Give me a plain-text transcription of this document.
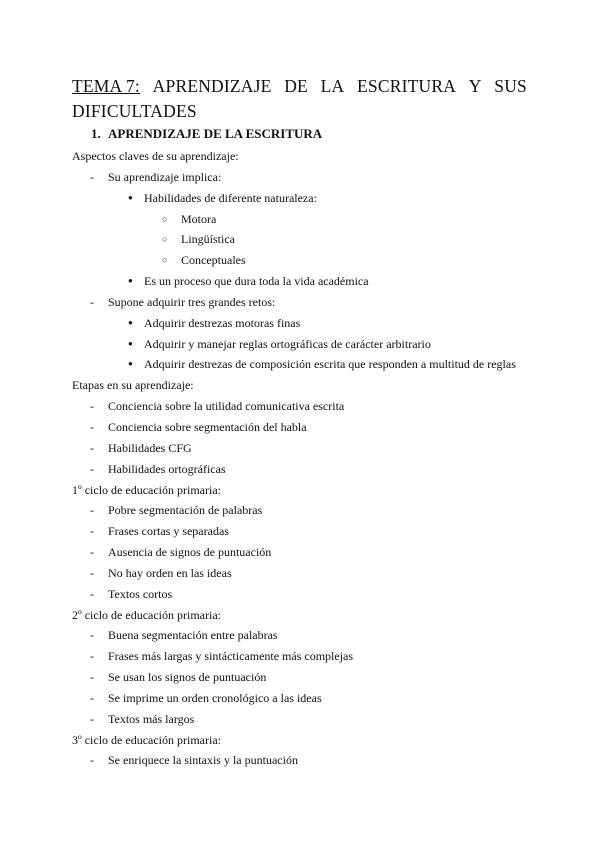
TEMA 7: APRENDIZAJE DE LA ESCRITURA Y SUS
DIFICULTADES
1. APRENDIZAJE DE LA ESCRITURA
Aspectos claves de su aprendizaje:
- Su aprendizaje implica:
● Habilidades de diferente naturaleza:
○ Motora
○ Lingüística
○ Conceptuales
● Es un proceso que dura toda la vida académica
- Supone adquirir tres grandes retos:
● Adquirir destrezas motoras finas
● Adquirir y manejar reglas ortográficas de carácter arbitrario
● Adquirir destrezas de composición escrita que responden a multitud de reglas
Etapas en su aprendizaje:
- Conciencia sobre la utilidad comunicativa escrita
- Conciencia sobre segmentación del habla
- Habilidades CFG
- Habilidades ortográficas
1º ciclo de educación primaria:
- Pobre segmentación de palabras
- Frases cortas y separadas
- Ausencia de signos de puntuación
- No hay orden en las ideas
- Textos cortos
2º ciclo de educación primaria:
- Buena segmentación entre palabras
- Frases más largas y sintácticamente más complejas
- Se usan los signos de puntuación
- Se imprime un orden cronológico a las ideas
- Textos más largos
3º ciclo de educación primaria:
- Se enriquece la sintaxis y la puntuación
